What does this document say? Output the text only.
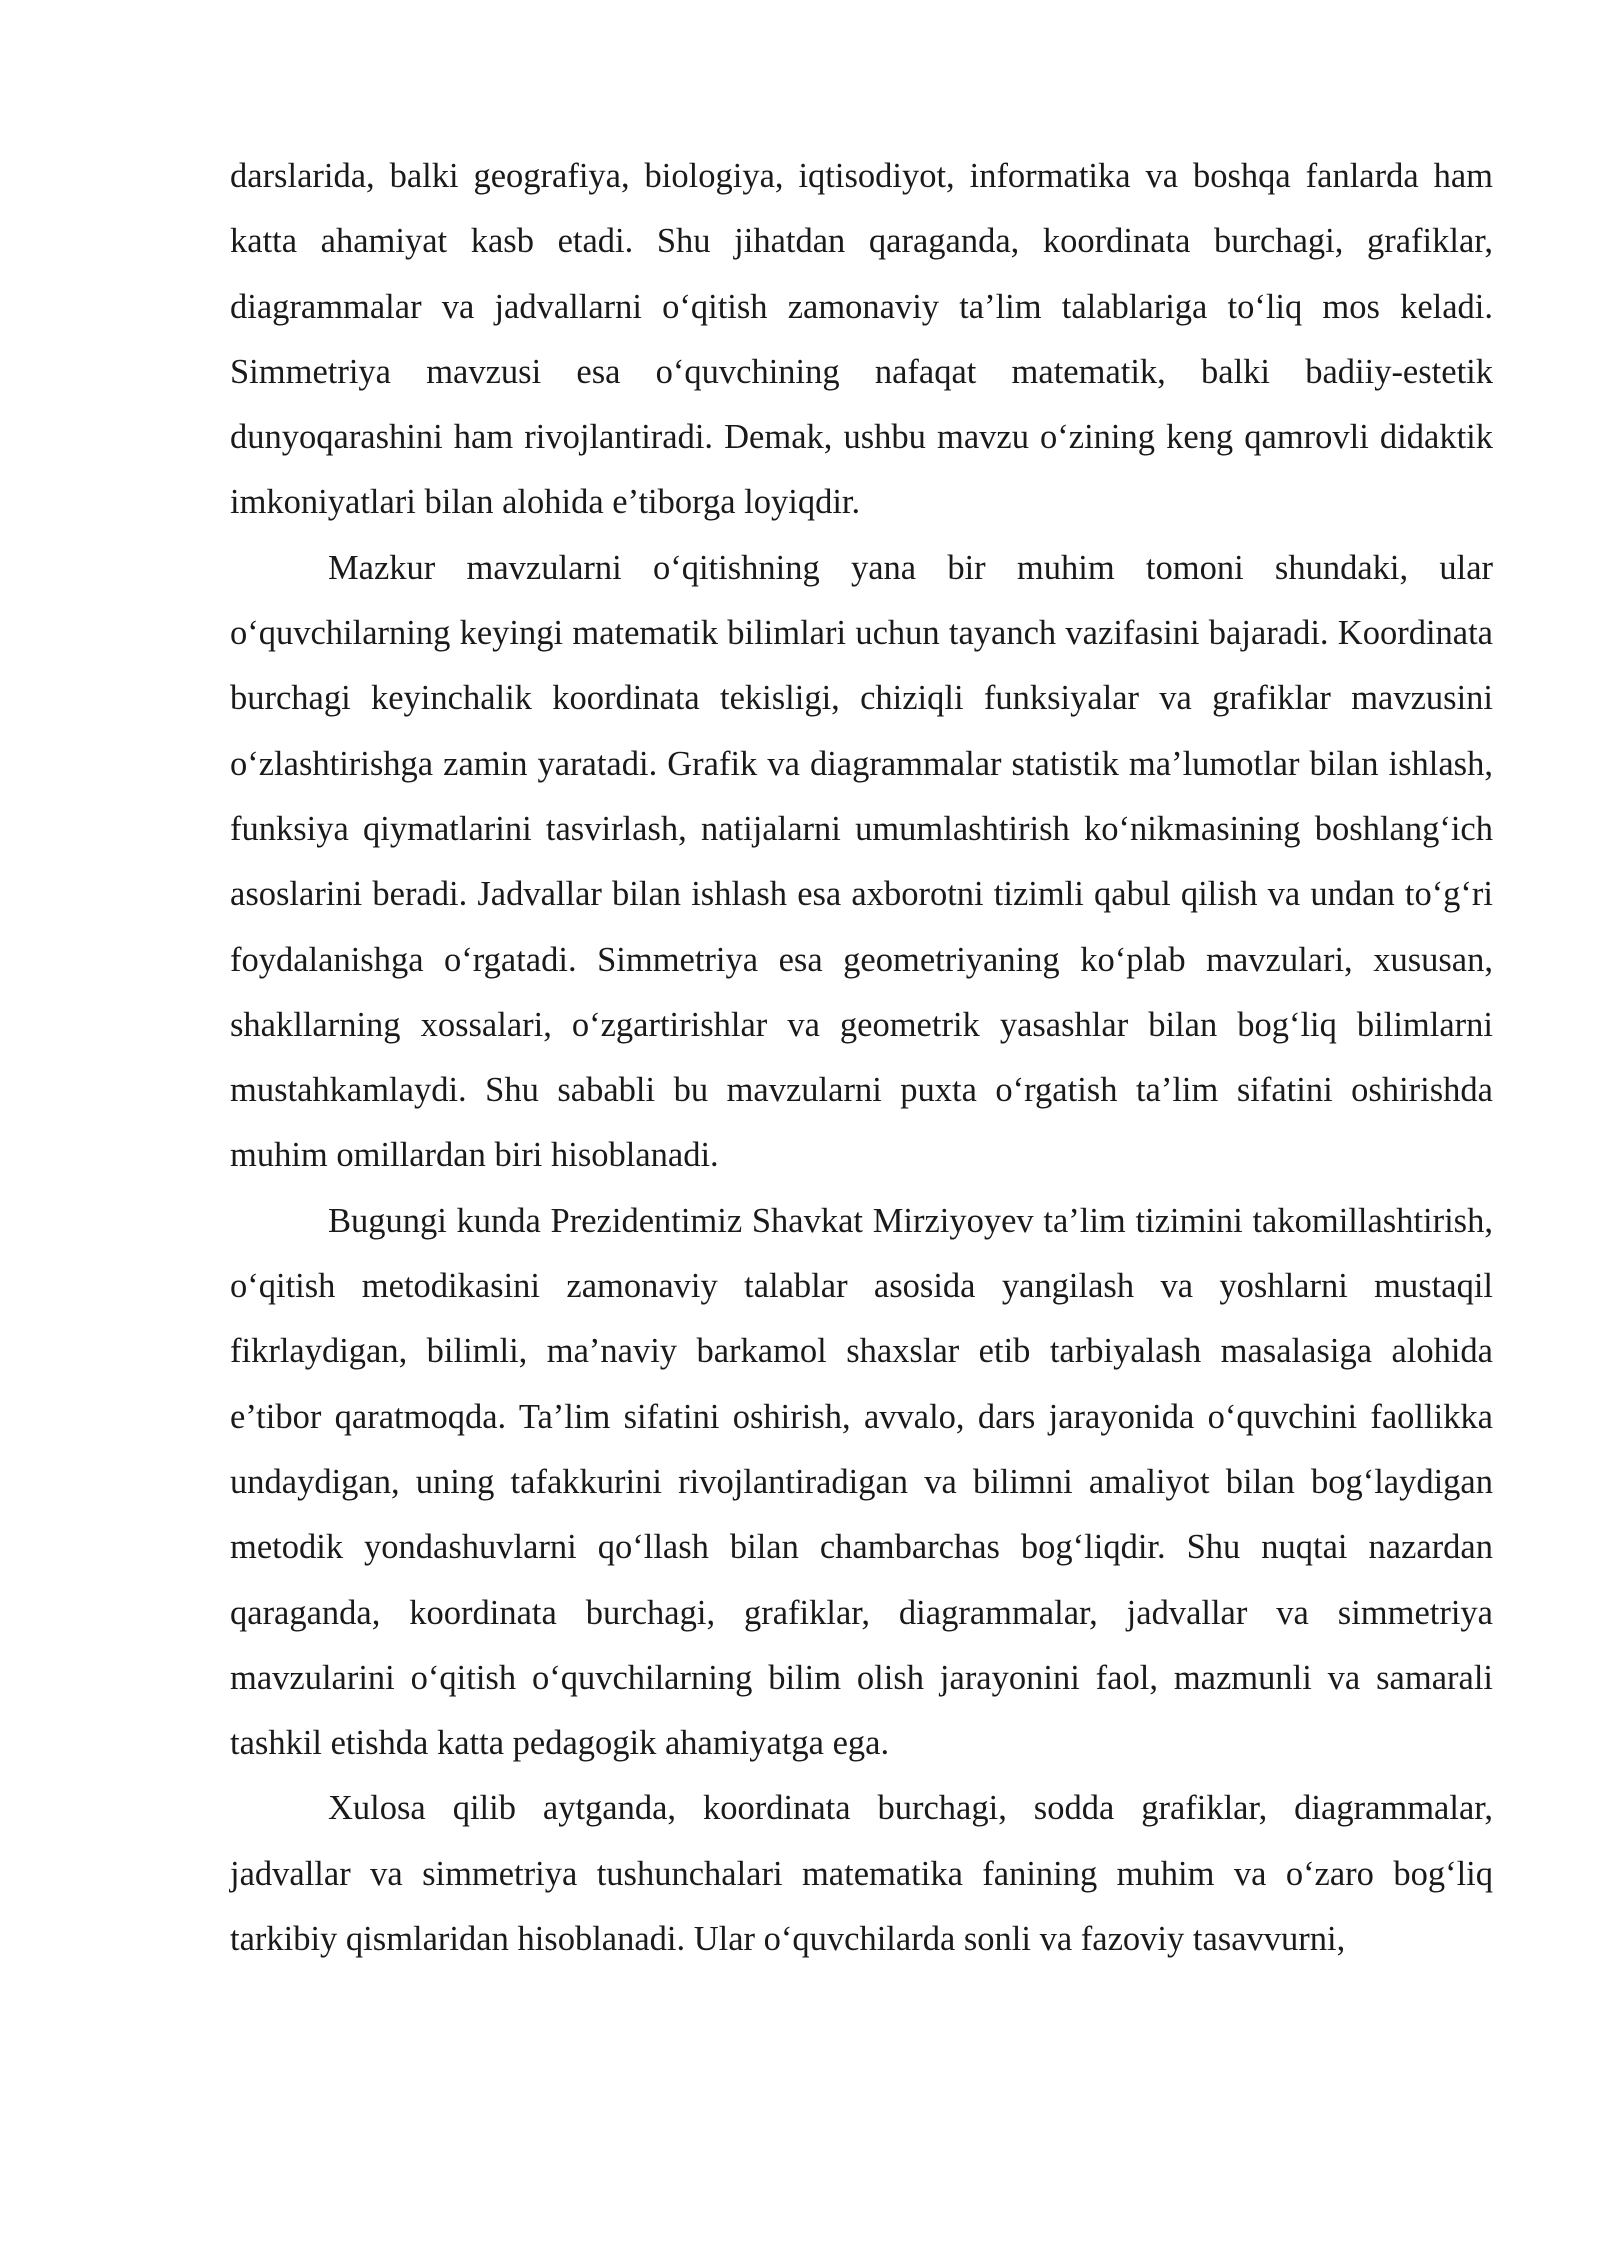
darslarida, balki geografiya, biologiya, iqtisodiyot, informatika va boshqa fanlarda ham katta ahamiyat kasb etadi. Shu jihatdan qaraganda, koordinata burchagi, grafiklar, diagrammalar va jadvallarni o‘qitish zamonaviy ta’lim talablariga to‘liq mos keladi. Simmetriya mavzusi esa o‘quvchining nafaqat matematik, balki badiiy-estetik dunyoqarashini ham rivojlantiradi. Demak, ushbu mavzu o‘zining keng qamrovli didaktik imkoniyatlari bilan alohida e’tiborga loyiqdir.

Mazkur mavzularni o‘qitishning yana bir muhim tomoni shundaki, ular o‘quvchilarning keyingi matematik bilimlari uchun tayanch vazifasini bajaradi. Koordinata burchagi keyinchalik koordinata tekisligi, chiziqli funksiyalar va grafiklar mavzusini o‘zlashtirishga zamin yaratadi. Grafik va diagrammalar statistik ma’lumotlar bilan ishlash, funksiya qiymatlarini tasvirlash, natijalarni umumlashtirish ko‘nikmasining boshlang‘ich asoslarini beradi. Jadvallar bilan ishlash esa axborotni tizimli qabul qilish va undan to‘g‘ri foydalanishga o‘rgatadi. Simmetriya esa geometriyaning ko‘plab mavzulari, xususan, shakllarning xossalari, o‘zgartirishlar va geometrik yasashlar bilan bog‘liq bilimlarni mustahkamlaydi. Shu sababli bu mavzularni puxta o‘rgatish ta’lim sifatini oshirishda muhim omillardan biri hisoblanadi.

Bugungi kunda Prezidentimiz Shavkat Mirziyoyev ta’lim tizimini takomillashtirish, o‘qitish metodikasini zamonaviy talablar asosida yangilash va yoshlarni mustaqil fikrlaydigan, bilimli, ma’naviy barkamol shaxslar etib tarbiyalash masalasiga alohida e’tibor qaratmoqda. Ta’lim sifatini oshirish, avvalo, dars jarayonida o‘quvchini faollikka undaydigan, uning tafakkurini rivojlantiradigan va bilimni amaliyot bilan bog‘laydigan metodik yondashuvlarni qo‘llash bilan chambarchas bog‘liqdir. Shu nuqtai nazardan qaraganda, koordinata burchagi, grafiklar, diagrammalar, jadvallar va simmetriya mavzularini o‘qitish o‘quvchilarning bilim olish jarayonini faol, mazmunli va samarali tashkil etishda katta pedagogik ahamiyatga ega.

Xulosa qilib aytganda, koordinata burchagi, sodda grafiklar, diagrammalar, jadvallar va simmetriya tushunchalari matematika fanining muhim va o‘zaro bog‘liq tarkibiy qismlaridan hisoblanadi. Ular o‘quvchilarda sonli va fazoviy tasavvurni,
